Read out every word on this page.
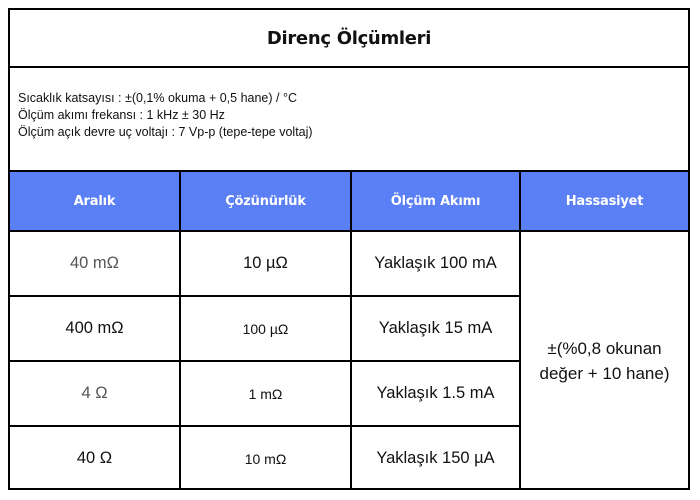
Direnç Ölçümleri
Sıcaklık katsayısı : ±(0,1% okuma + 0,5 hane) / °C
Ölçüm akımı frekansı : 1 kHz ± 30 Hz
Ölçüm açık devre uç voltajı : 7 Vp-p (tepe-tepe voltaj)
Aralık	Çözünürlük	Ölçüm Akımı	Hassasiyet
40 mΩ	10 µΩ	Yaklaşık 100 mA	±(%0,8 okunan değer + 10 hane)
400 mΩ	100 µΩ	Yaklaşık 15 mA	
4 Ω	1 mΩ	Yaklaşık 1.5 mA	
40 Ω	10 mΩ	Yaklaşık 150 µA	
